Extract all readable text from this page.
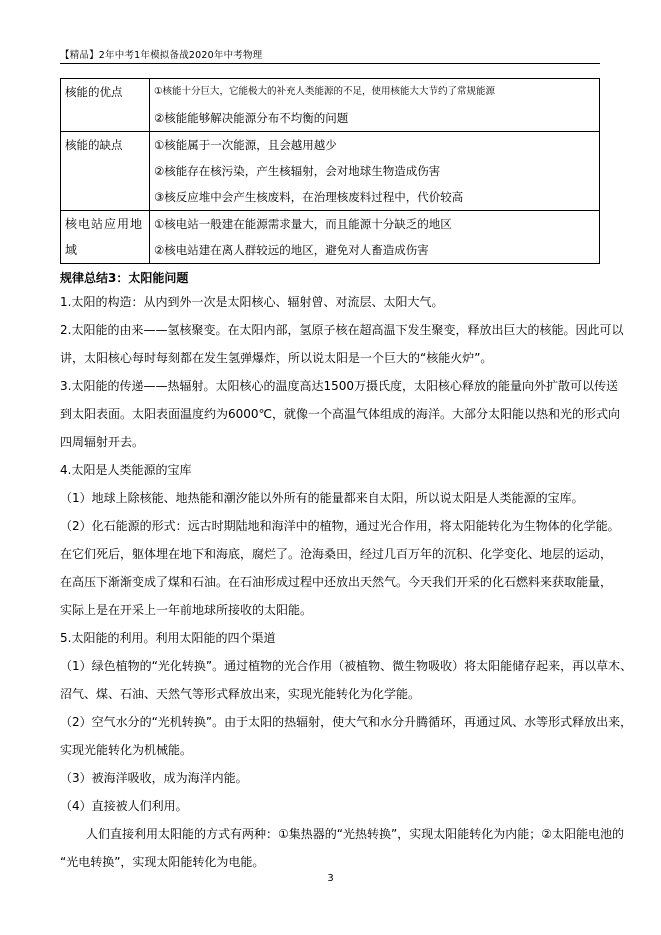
【精品】2年中考1年模拟备战2020年中考物理
核能的优点	①核能十分巨大，它能极大的补充人类能源的不足，使用核能大大节约了常规能源
②核能能够解决能源分布不均衡的问题

核能的缺点	①核能属于一次能源，且会越用越少
②核能存在核污染，产生核辐射，会对地球生物造成伤害
③核反应堆中会产生核废料，在治理核废料过程中，代价较高

核电站应用地域	①核电站一般建在能源需求量大，而且能源十分缺乏的地区
②核电站建在离人群较远的地区，避免对人畜造成伤害

规律总结3：太阳能问题

1.太阳的构造：从内到外一次是太阳核心、辐射曾、对流层、太阳大气。

2.太阳能的由来——氢核聚变。在太阳内部，氢原子核在超高温下发生聚变，释放出巨大的核能。因此可以

讲，太阳核心每时每刻都在发生氢弹爆炸，所以说太阳是一个巨大的“核能火炉”。

3.太阳能的传递——热辐射。太阳核心的温度高达1500万摄氏度，太阳核心释放的能量向外扩散可以传送

到太阳表面。太阳表面温度约为6000℃，就像一个高温气体组成的海洋。大部分太阳能以热和光的形式向

四周辐射开去。

4.太阳是人类能源的宝库

（1）地球上除核能、地热能和潮汐能以外所有的能量都来自太阳，所以说太阳是人类能源的宝库。

（2）化石能源的形式：远古时期陆地和海洋中的植物，通过光合作用，将太阳能转化为生物体的化学能。

在它们死后，躯体埋在地下和海底，腐烂了。沧海桑田，经过几百万年的沉积、化学变化、地层的运动，

在高压下渐渐变成了煤和石油。在石油形成过程中还放出天然气。今天我们开采的化石燃料来获取能量，

实际上是在开采上一年前地球所接收的太阳能。

5.太阳能的利用。利用太阳能的四个渠道

（1）绿色植物的“光化转换”。通过植物的光合作用（被植物、微生物吸收）将太阳能储存起来，再以草木、

沼气、煤、石油、天然气等形式释放出来，实现光能转化为化学能。

（2）空气水分的“光机转换”。由于太阳的热辐射，使大气和水分升腾循环，再通过风、水等形式释放出来，

实现光能转化为机械能。

（3）被海洋吸收，成为海洋内能。

（4）直接被人们利用。

人们直接利用太阳能的方式有两种：①集热器的“光热转换”，实现太阳能转化为内能；②太阳能电池的

“光电转换”，实现太阳能转化为电能。

3
